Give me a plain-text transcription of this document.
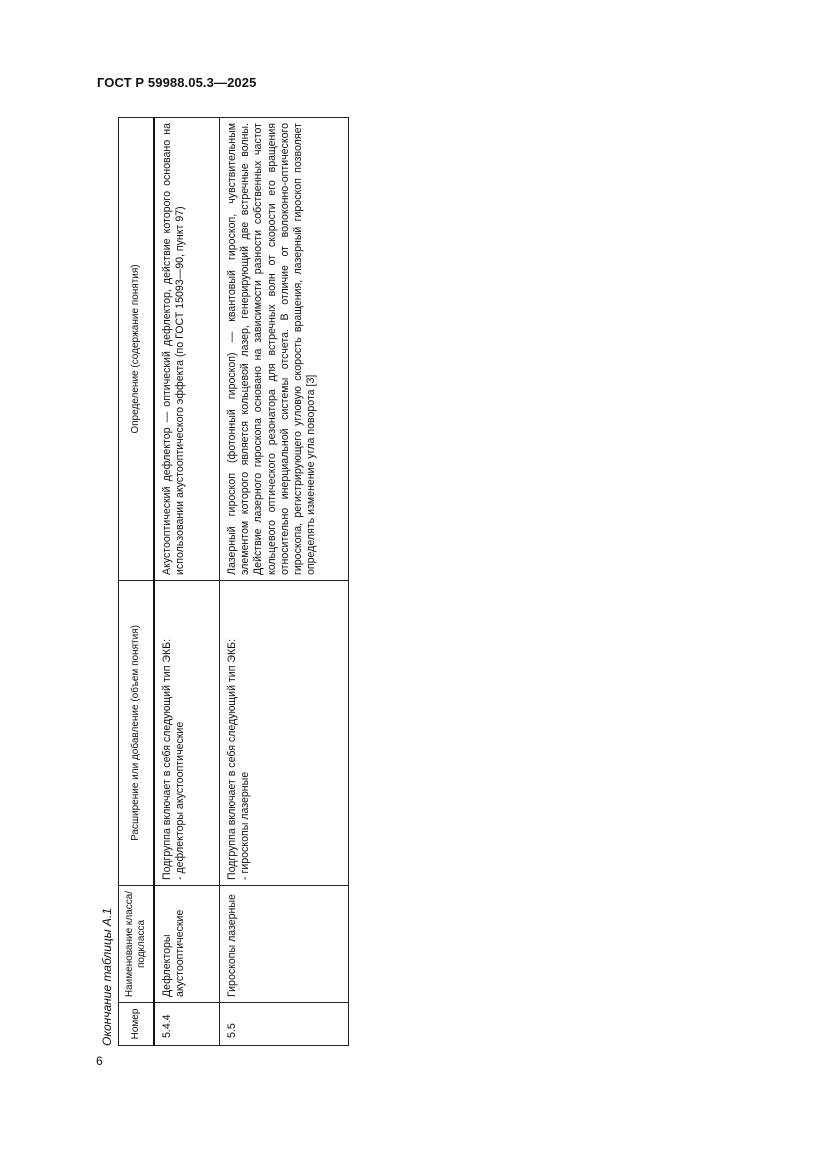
ГОСТ Р 59988.05.3—2025
Окончание таблицы А.1	Номер	Наименование класса/подкласса	Расширение или добавление (объем понятия)	Определение (содержание понятия)
5.4.4	Дефлекторы акустооптические	Подгруппа включает в себя следующий тип ЭКБ: - дефлекторы акустооптические	Акустооптический дефлектор — оптический дефлектор, действие которого основано на использовании акустооптического эффекта (по ГОСТ 15093—90, пункт 97)
5.5	Гироскопы лазерные	Подгруппа включает в себя следующий тип ЭКБ: - гироскопы лазерные	Лазерный гироскоп (фотонный гироскоп) — квантовый гироскоп, чувствительным элементом которого является кольцевой лазер, генерирующий две встречные волны. Действие лазерного гироскопа основано на зависимости разности собственных частот кольцевого оптического резонатора для встречных волн от скорости его вращения относительно инерциальной системы отсчета. В отличие от волоконно-оптического гироскопа, регистрирующего угловую скорость вращения, лазерный гироскоп позволяет определять изменение угла поворота [3]
6
